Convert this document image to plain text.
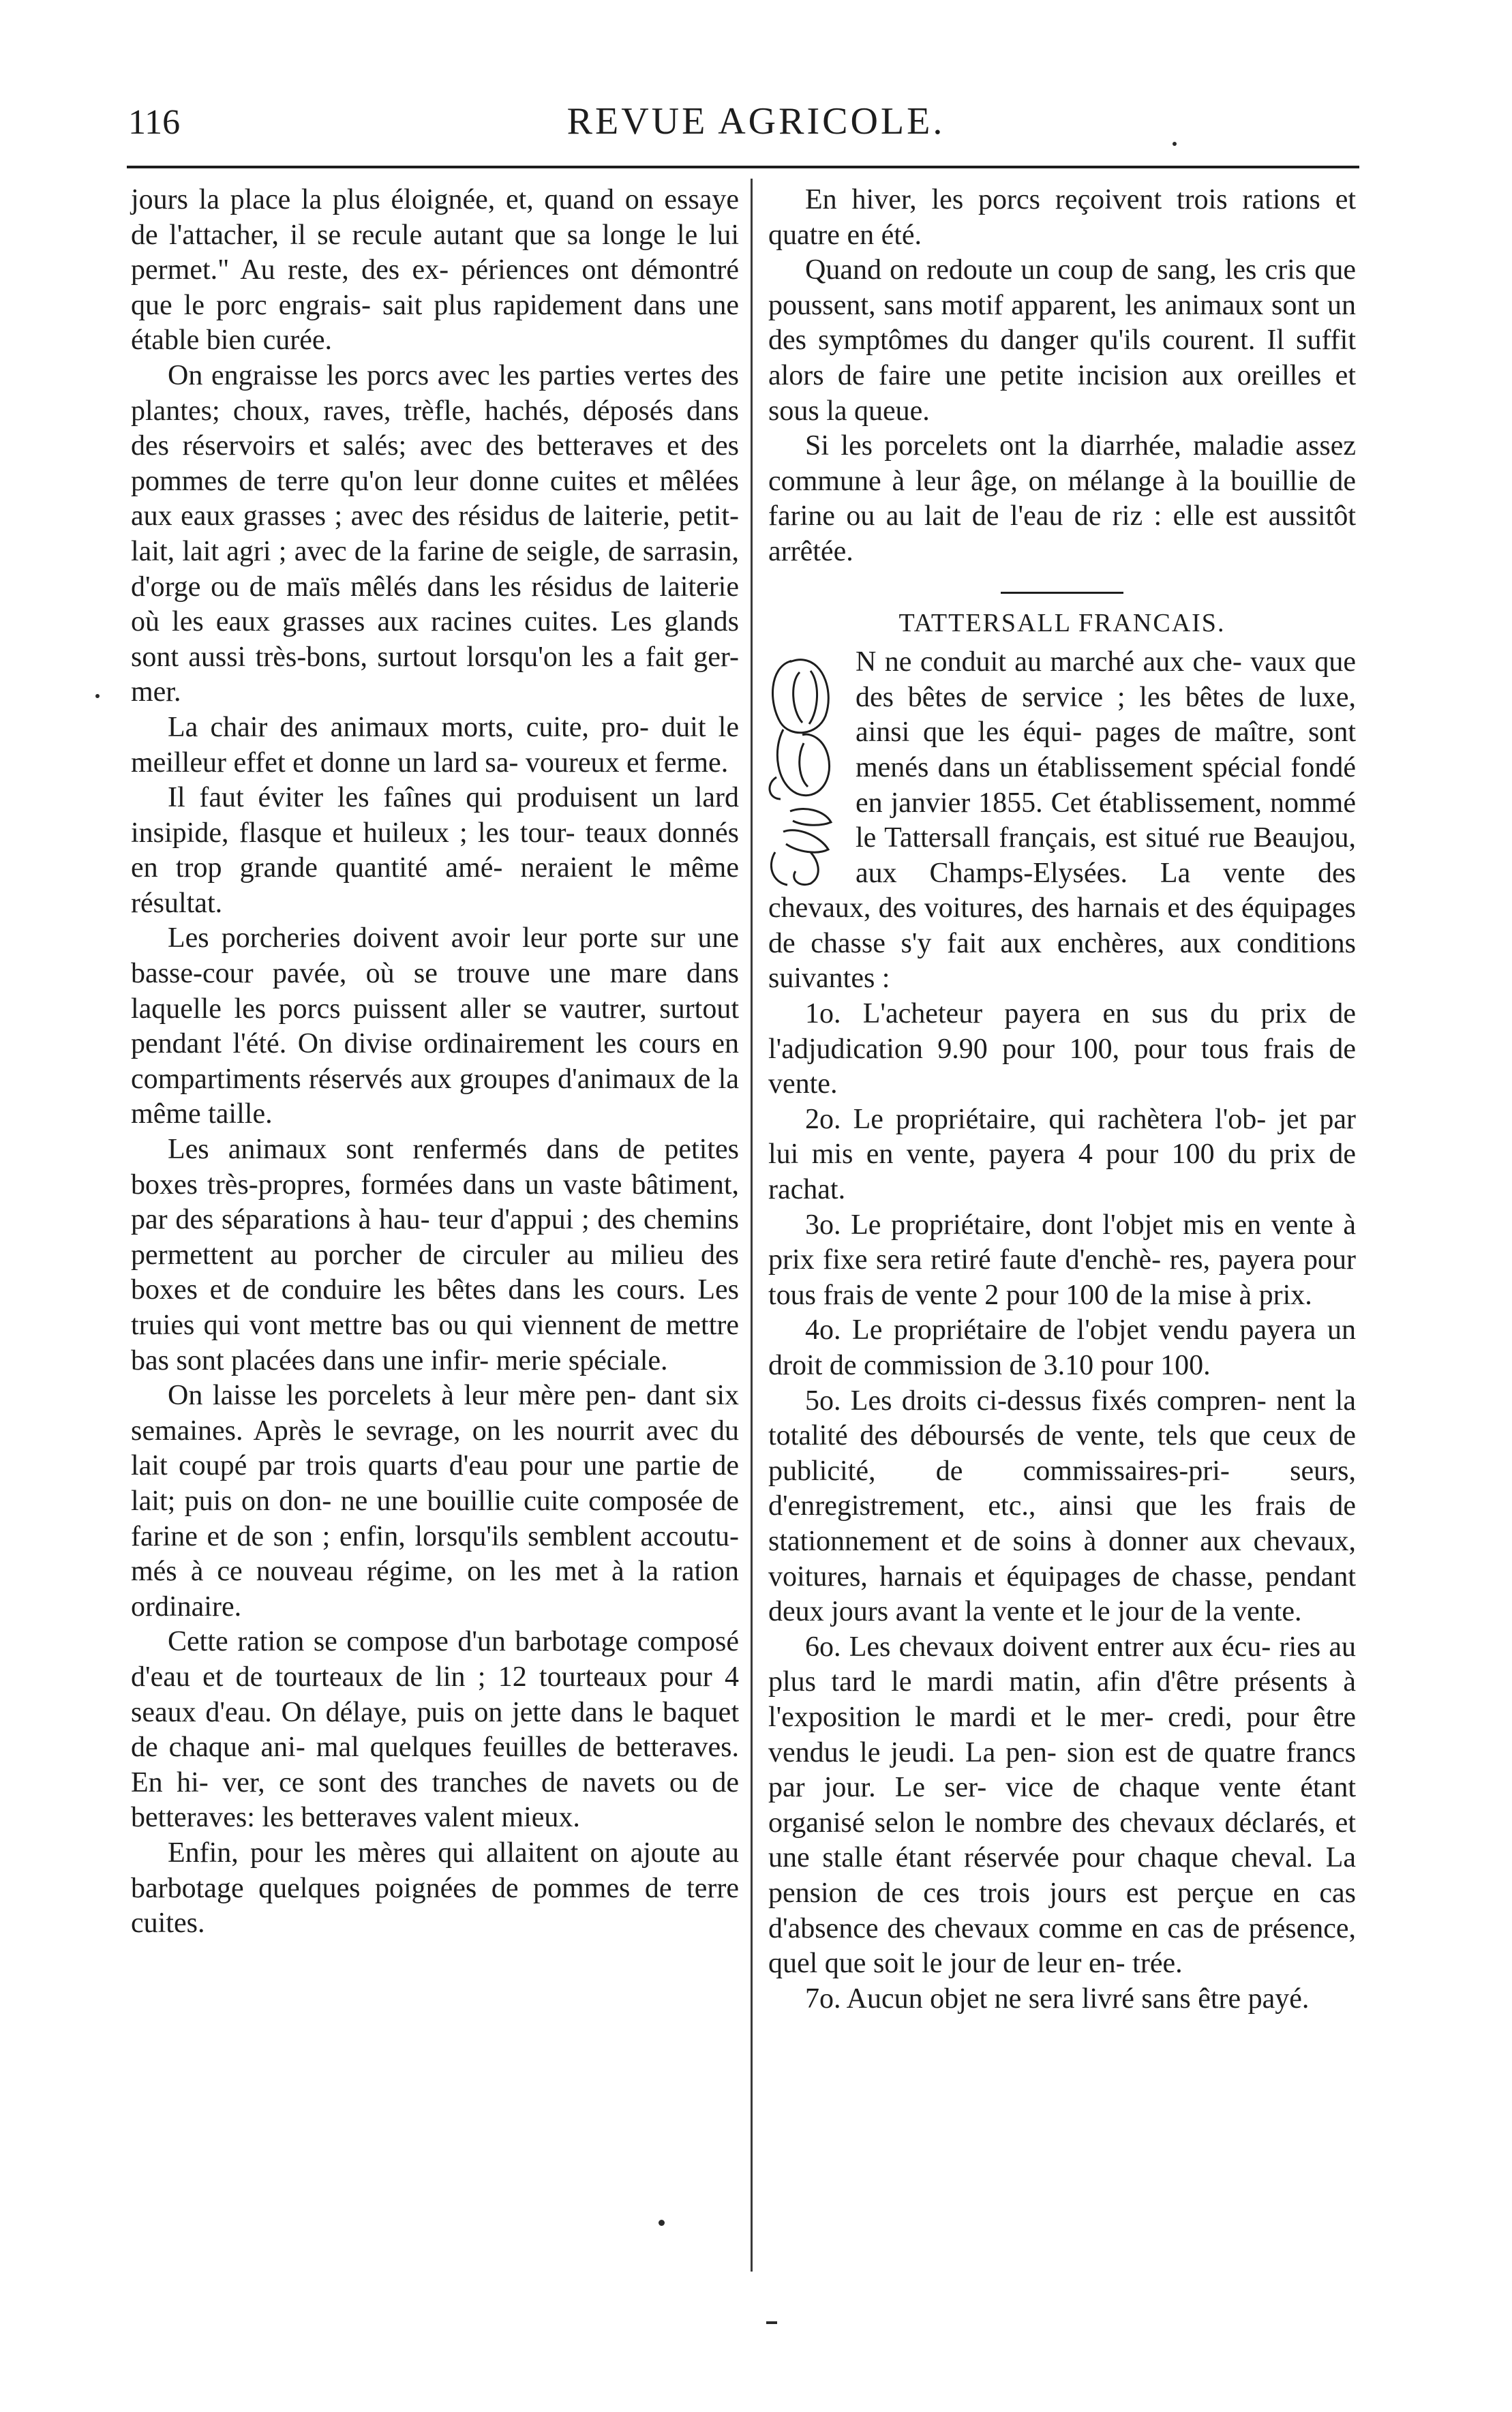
116	REVUE AGRICOLE.

jours la place la plus éloignée, et, quand on essaye de l'attacher, il se recule autant que sa longe le lui permet." Au reste, des ex- périences ont démontré que le porc engrais- sait plus rapidement dans une étable bien curée.

On engraisse les porcs avec les parties vertes des plantes; choux, raves, trèfle, hachés, déposés dans des réservoirs et salés; avec des betteraves et des pommes de terre qu'on leur donne cuites et mêlées aux eaux grasses ; avec des résidus de laiterie, petit- lait, lait agri ; avec de la farine de seigle, de sarrasin, d'orge ou de maïs mêlés dans les résidus de laiterie où les eaux grasses aux racines cuites. Les glands sont aussi très-bons, surtout lorsqu'on les a fait ger- mer.

La chair des animaux morts, cuite, pro- duit le meilleur effet et donne un lard sa- voureux et ferme.

Il faut éviter les faînes qui produisent un lard insipide, flasque et huileux ; les tour- teaux donnés en trop grande quantité amé- neraient le même résultat.

Les porcheries doivent avoir leur porte sur une basse-cour pavée, où se trouve une mare dans laquelle les porcs puissent aller se vautrer, surtout pendant l'été. On divise ordinairement les cours en compartiments réservés aux groupes d'animaux de la même taille.

Les animaux sont renfermés dans de petites boxes très-propres, formées dans un vaste bâtiment, par des séparations à hau- teur d'appui ; des chemins permettent au porcher de circuler au milieu des boxes et de conduire les bêtes dans les cours. Les truies qui vont mettre bas ou qui viennent de mettre bas sont placées dans une infir- merie spéciale.

On laisse les porcelets à leur mère pen- dant six semaines. Après le sevrage, on les nourrit avec du lait coupé par trois quarts d'eau pour une partie de lait; puis on don- ne une bouillie cuite composée de farine et de son ; enfin, lorsqu'ils semblent accoutu- més à ce nouveau régime, on les met à la ration ordinaire.

Cette ration se compose d'un barbotage composé d'eau et de tourteaux de lin ; 12 tourteaux pour 4 seaux d'eau. On délaye, puis on jette dans le baquet de chaque ani- mal quelques feuilles de betteraves. En hi- ver, ce sont des tranches de navets ou de betteraves: les betteraves valent mieux.

Enfin, pour les mères qui allaitent on ajoute au barbotage quelques poignées de pommes de terre cuites.

En hiver, les porcs reçoivent trois rations et quatre en été.

Quand on redoute un coup de sang, les cris que poussent, sans motif apparent, les animaux sont un des symptômes du danger qu'ils courent. Il suffit alors de faire une petite incision aux oreilles et sous la queue.

Si les porcelets ont la diarrhée, maladie assez commune à leur âge, on mélange à la bouillie de farine ou au lait de l'eau de riz : elle est aussitôt arrêtée.

TATTERSALL FRANCAIS.

N ne conduit au marché aux che- vaux que des bêtes de service ; les bêtes de luxe, ainsi que les équi- pages de maître, sont menés dans un établissement spécial fondé en janvier 1855. Cet établissement, nommé le Tattersall français, est situé rue Beaujou, aux Champs-Elysées. La vente des chevaux, des voitures, des harnais et des équipages de chasse s'y fait aux enchères, aux conditions suivantes :

1o. L'acheteur payera en sus du prix de l'adjudication 9.90 pour 100, pour tous frais de vente.

2o. Le propriétaire, qui rachètera l'ob- jet par lui mis en vente, payera 4 pour 100 du prix de rachat.

3o. Le propriétaire, dont l'objet mis en vente à prix fixe sera retiré faute d'enchè- res, payera pour tous frais de vente 2 pour 100 de la mise à prix.

4o. Le propriétaire de l'objet vendu payera un droit de commission de 3.10 pour 100.

5o. Les droits ci-dessus fixés compren- nent la totalité des déboursés de vente, tels que ceux de publicité, de commissaires-pri- seurs, d'enregistrement, etc., ainsi que les frais de stationnement et de soins à donner aux chevaux, voitures, harnais et équipages de chasse, pendant deux jours avant la vente et le jour de la vente.

6o. Les chevaux doivent entrer aux écu- ries au plus tard le mardi matin, afin d'être présents à l'exposition le mardi et le mer- credi, pour être vendus le jeudi. La pen- sion est de quatre francs par jour. Le ser- vice de chaque vente étant organisé selon le nombre des chevaux déclarés, et une stalle étant réservée pour chaque cheval. La pension de ces trois jours est perçue en cas d'absence des chevaux comme en cas de présence, quel que soit le jour de leur en- trée.

7o. Aucun objet ne sera livré sans être payé.
